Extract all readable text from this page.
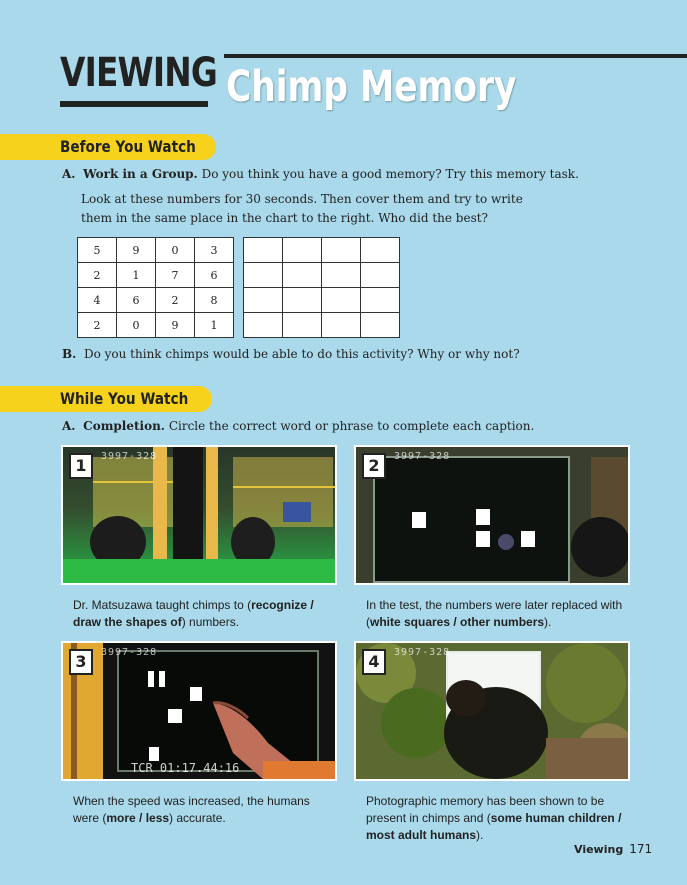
VIEWING Chimp Memory
Before You Watch
A. Work in a Group. Do you think you have a good memory? Try this memory task.
Look at these numbers for 30 seconds. Then cover them and try to write them in the same place in the chart to the right. Who did the best?
5	9	0	3
2	1	7	6
4	6	2	8
2	0	9	1

B. Do you think chimps would be able to do this activity? Why or why not?
While You Watch
A. Completion. Circle the correct word or phrase to complete each caption.
1	3997-328	2	3997-328
Dr. Matsuzawa taught chimps to (recognize / draw the shapes of) numbers.
In the test, the numbers were later replaced with (white squares / other numbers).
3	3997-328
TCR 01:17.44:16
4	3997-328
When the speed was increased, the humans were (more / less) accurate.
Photographic memory has been shown to be present in chimps and (some human children / most adult humans).
Viewing 171
